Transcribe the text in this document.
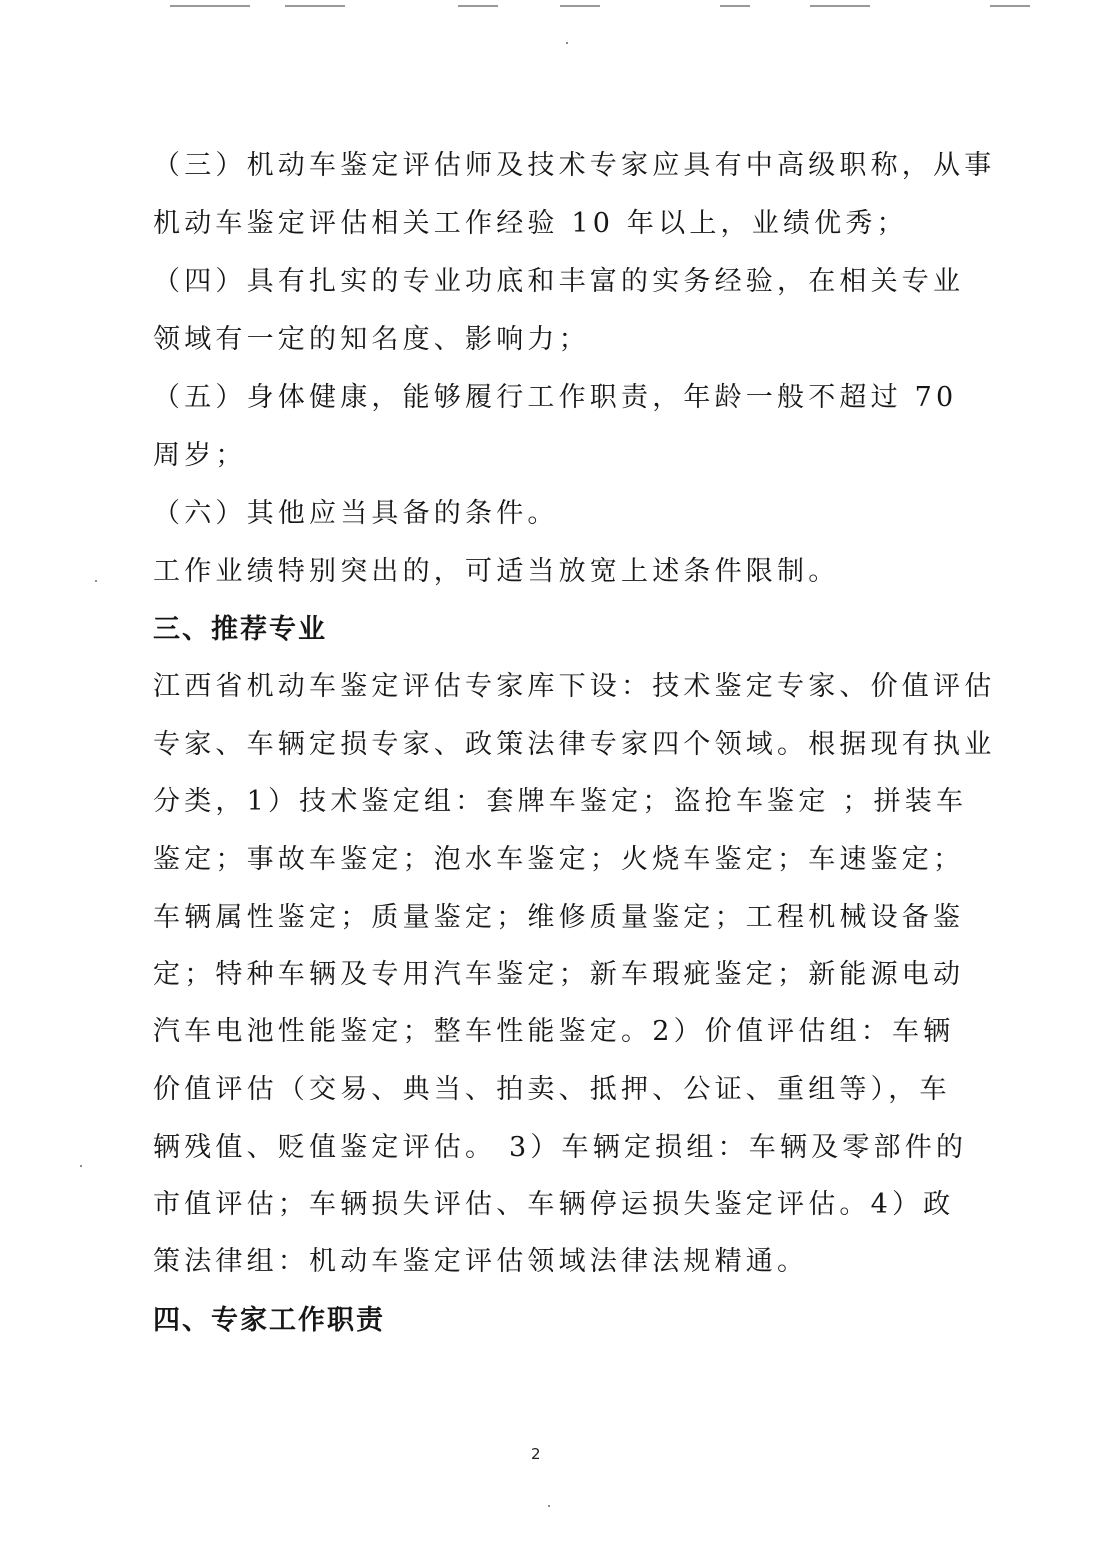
（三）机动车鉴定评估师及技术专家应具有中高级职称，从事
机动车鉴定评估相关工作经验 10 年以上，业绩优秀；
（四）具有扎实的专业功底和丰富的实务经验，在相关专业
领域有一定的知名度、影响力；
（五）身体健康，能够履行工作职责，年龄一般不超过 70
周岁；
（六）其他应当具备的条件。
工作业绩特别突出的，可适当放宽上述条件限制。
三、推荐专业
江西省机动车鉴定评估专家库下设：技术鉴定专家、价值评估
专家、车辆定损专家、政策法律专家四个领域。根据现有执业
分类，1）技术鉴定组：套牌车鉴定；盗抢车鉴定 ；拼装车
鉴定；事故车鉴定；泡水车鉴定；火烧车鉴定；车速鉴定；
车辆属性鉴定；质量鉴定；维修质量鉴定；工程机械设备鉴
定；特种车辆及专用汽车鉴定；新车瑕疵鉴定；新能源电动
汽车电池性能鉴定；整车性能鉴定。2）价值评估组：车辆
价值评估（交易、典当、拍卖、抵押、公证、重组等），车
辆残值、贬值鉴定评估。 3）车辆定损组：车辆及零部件的
市值评估；车辆损失评估、车辆停运损失鉴定评估。4）政
策法律组：机动车鉴定评估领域法律法规精通。
四、专家工作职责
2
